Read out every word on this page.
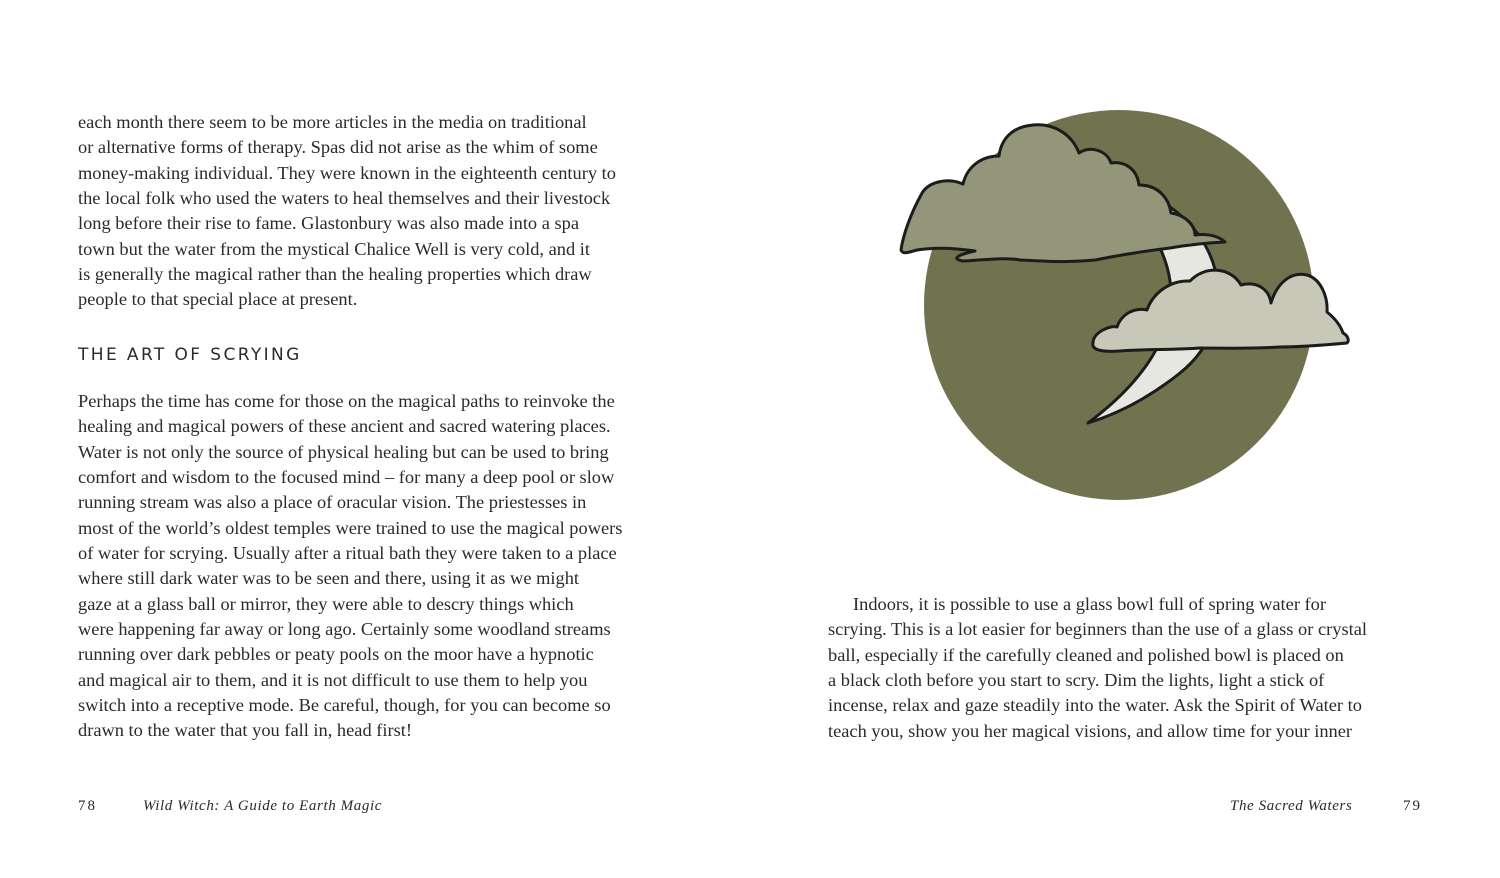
each month there seem to be more articles in the media on traditional
or alternative forms of therapy. Spas did not arise as the whim of some
money-making individual. They were known in the eighteenth century to
the local folk who used the waters to heal themselves and their livestock
long before their rise to fame. Glastonbury was also made into a spa
town but the water from the mystical Chalice Well is very cold, and it
is generally the magical rather than the healing properties which draw
people to that special place at present.

THE ART OF SCRYING

Perhaps the time has come for those on the magical paths to reinvoke the
healing and magical powers of these ancient and sacred watering places.
Water is not only the source of physical healing but can be used to bring
comfort and wisdom to the focused mind – for many a deep pool or slow
running stream was also a place of oracular vision. The priestesses in
most of the world’s oldest temples were trained to use the magical powers
of water for scrying. Usually after a ritual bath they were taken to a place
where still dark water was to be seen and there, using it as we might
gaze at a glass ball or mirror, they were able to descry things which
were happening far away or long ago. Certainly some woodland streams
running over dark pebbles or peaty pools on the moor have a hypnotic
and magical air to them, and it is not difficult to use them to help you
switch into a receptive mode. Be careful, though, for you can become so
drawn to the water that you fall in, head first!

78	Wild Witch: A Guide to Earth Magic

Indoors, it is possible to use a glass bowl full of spring water for
scrying. This is a lot easier for beginners than the use of a glass or crystal
ball, especially if the carefully cleaned and polished bowl is placed on
a black cloth before you start to scry. Dim the lights, light a stick of
incense, relax and gaze steadily into the water. Ask the Spirit of Water to
teach you, show you her magical visions, and allow time for your inner

The Sacred Waters	79
